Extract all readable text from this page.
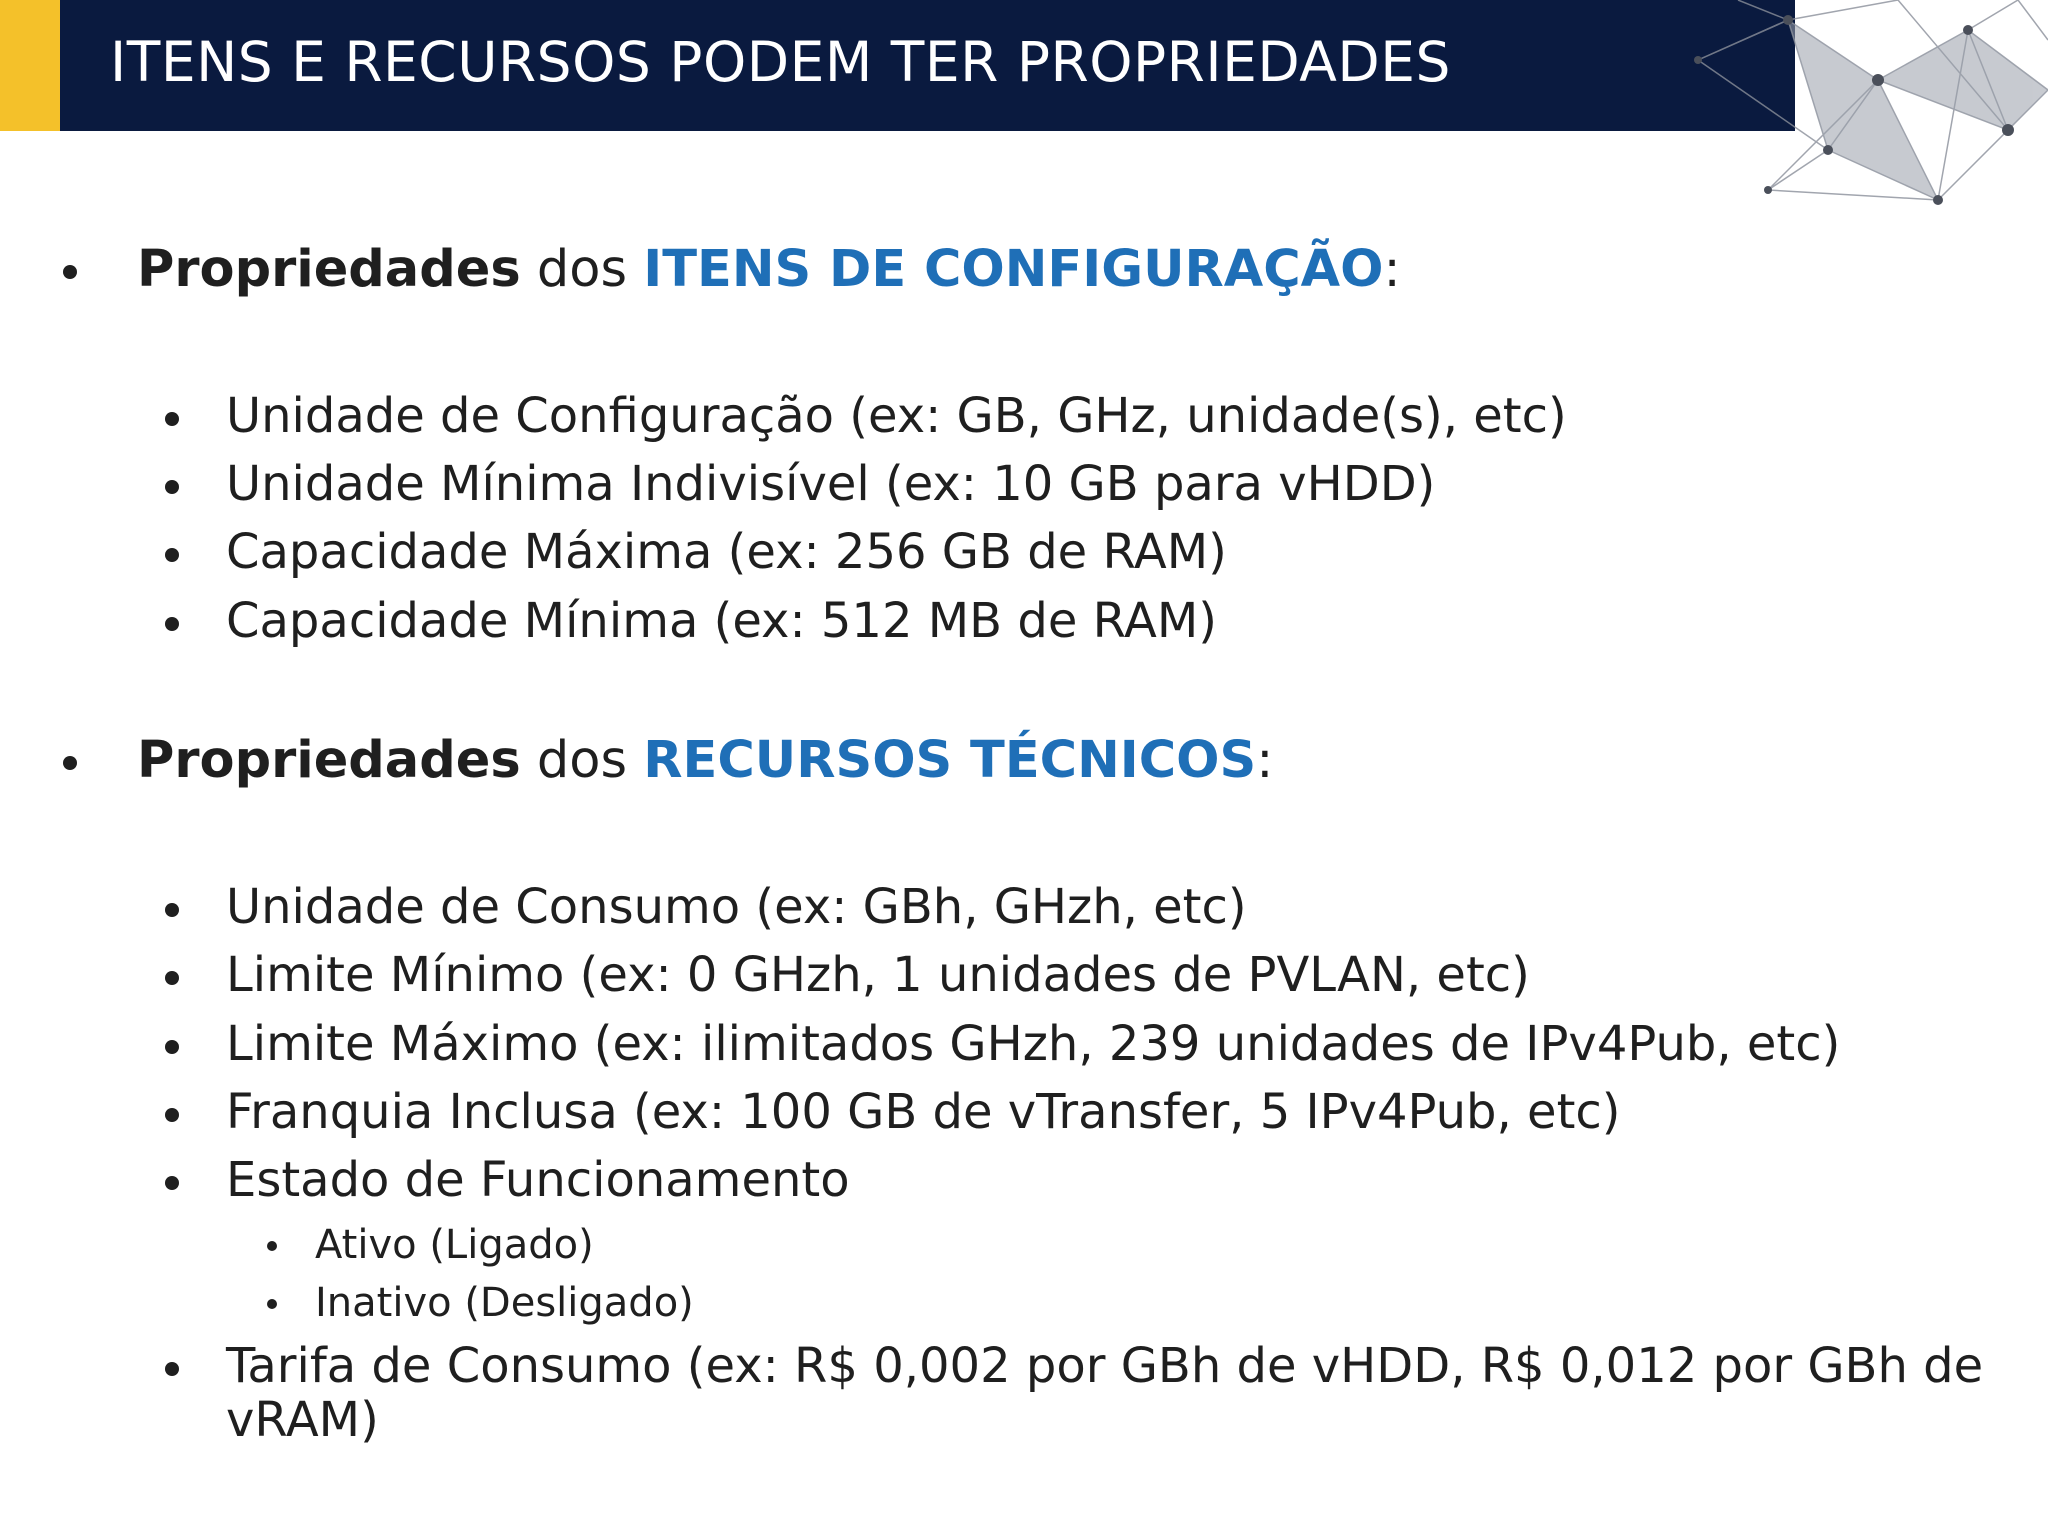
ITENS E RECURSOS PODEM TER PROPRIEDADES
Propriedades dos ITENS DE CONFIGURAÇÃO:
Unidade de Configuração (ex: GB, GHz, unidade(s), etc)
Unidade Mínima Indivisível (ex: 10 GB para vHDD)
Capacidade Máxima (ex: 256 GB de RAM)
Capacidade Mínima (ex: 512 MB de RAM)
Propriedades dos RECURSOS TÉCNICOS:
Unidade de Consumo (ex: GBh, GHzh, etc)
Limite Mínimo (ex: 0 GHzh, 1 unidades de PVLAN, etc)
Limite Máximo (ex: ilimitados GHzh, 239 unidades de IPv4Pub, etc)
Franquia Inclusa (ex: 100 GB de vTransfer, 5 IPv4Pub, etc)
Estado de Funcionamento
Ativo (Ligado)
Inativo (Desligado)
Tarifa de Consumo (ex: R$ 0,002 por GBh de vHDD, R$ 0,012 por GBh de
vRAM)
